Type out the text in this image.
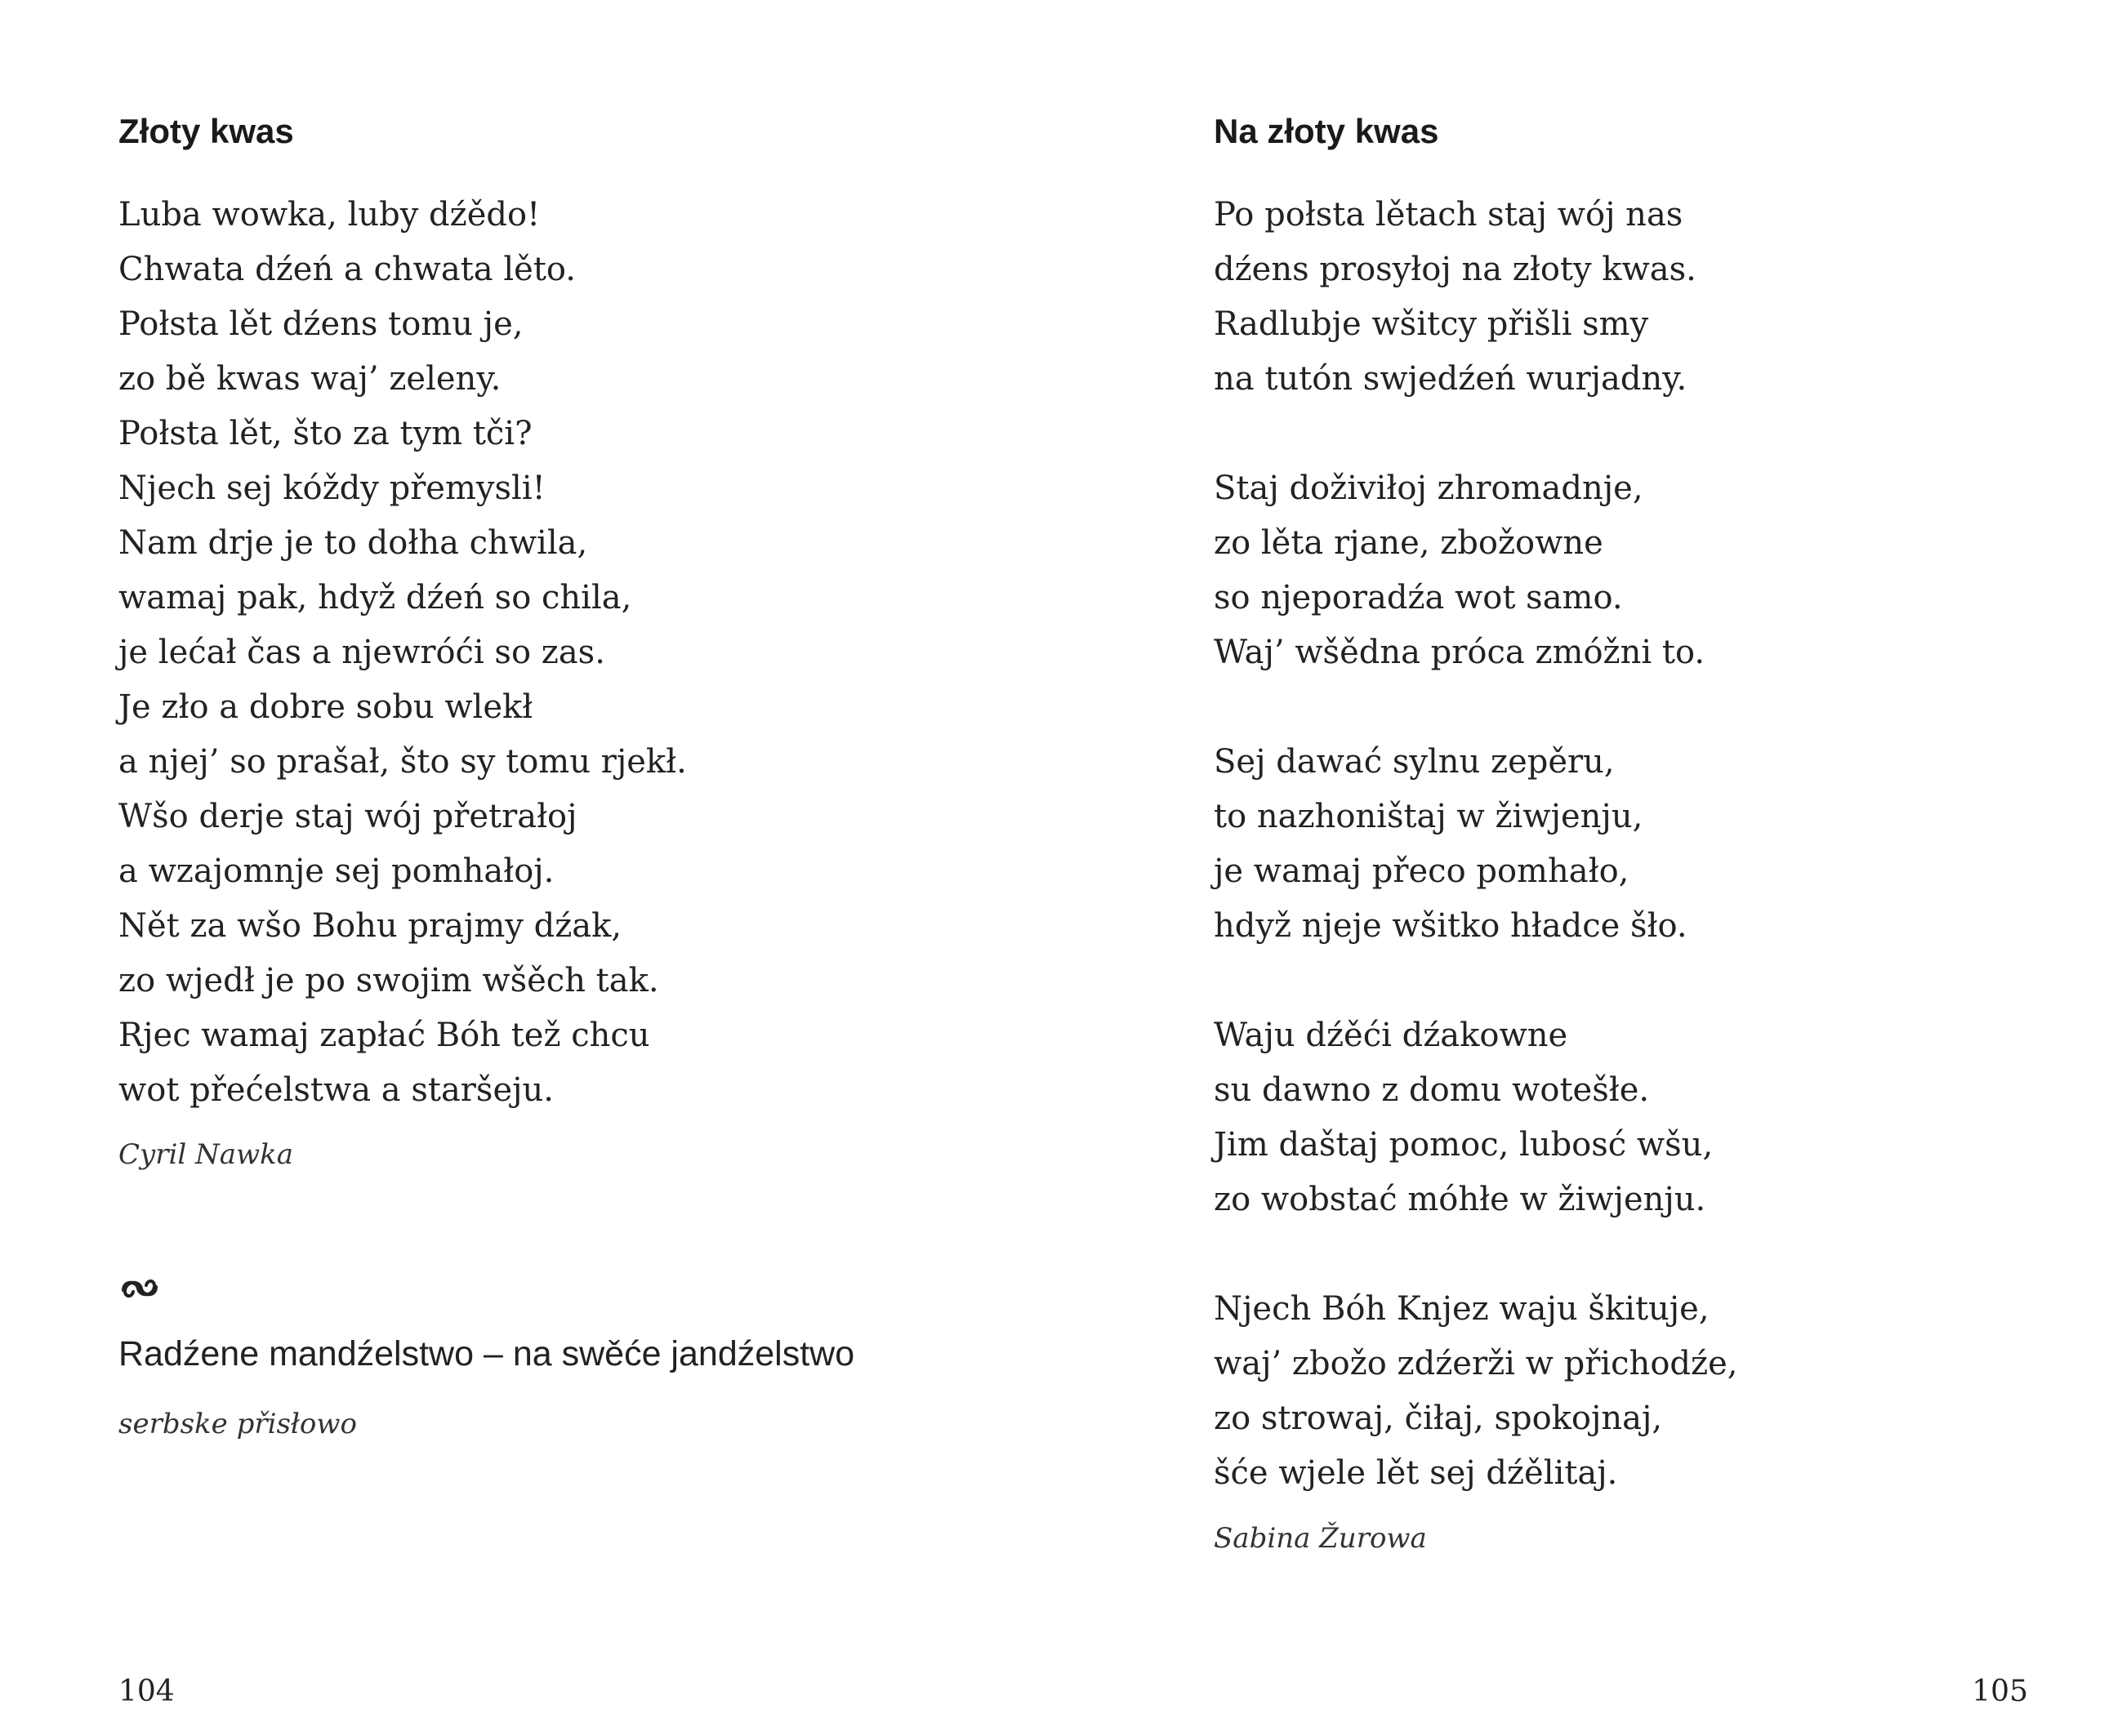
Złoty kwas
Luba wowka, luby dźědo!
Chwata dźeń a chwata lěto.
Połsta lět dźens tomu je,
zo bě kwas waj’ zeleny.
Połsta lět, što za tym tči?
Njech sej kóždy přemysli!
Nam drje je to dołha chwila,
wamaj pak, hdyž dźeń so chila,
je lećał čas a njewróći so zas.
Je zło a dobre sobu wlekł
a njej’ so prašał, što sy tomu rjekł.
Wšo derje staj wój přetrałoj
a wzajomnje sej pomhałoj.
Nět za wšo Bohu prajmy dźak,
zo wjedł je po swojim wšěch tak.
Rjec wamaj zapłać Bóh tež chcu
wot přećelstwa a staršeju.
Cyril Nawka
Radźene mandźelstwo – na swěće jandźelstwo
serbske přisłowo
104
Na złoty kwas
Po połsta lětach staj wój nas
dźens prosyłoj na złoty kwas.
Radlubje wšitcy přišli smy
na tutón swjedźeń wurjadny.
Staj doživiłoj zhromadnje,
zo lěta rjane, zbožowne
so njeporadźa wot samo.
Waj’ wšědna próca zmóžni to.
Sej dawać sylnu zepěru,
to nazhoništaj w žiwjenju,
je wamaj přeco pomhało,
hdyž njeje wšitko hładce šło.
Waju dźěći dźakowne
su dawno z domu wotešłe.
Jim daštaj pomoc, lubosć wšu,
zo wobstać móhłe w žiwjenju.
Njech Bóh Knjez waju škituje,
waj’ zbožo zdźerži w přichodźe,
zo strowaj, čiłaj, spokojnaj,
šće wjele lět sej dźělitaj.
Sabina Žurowa
105
